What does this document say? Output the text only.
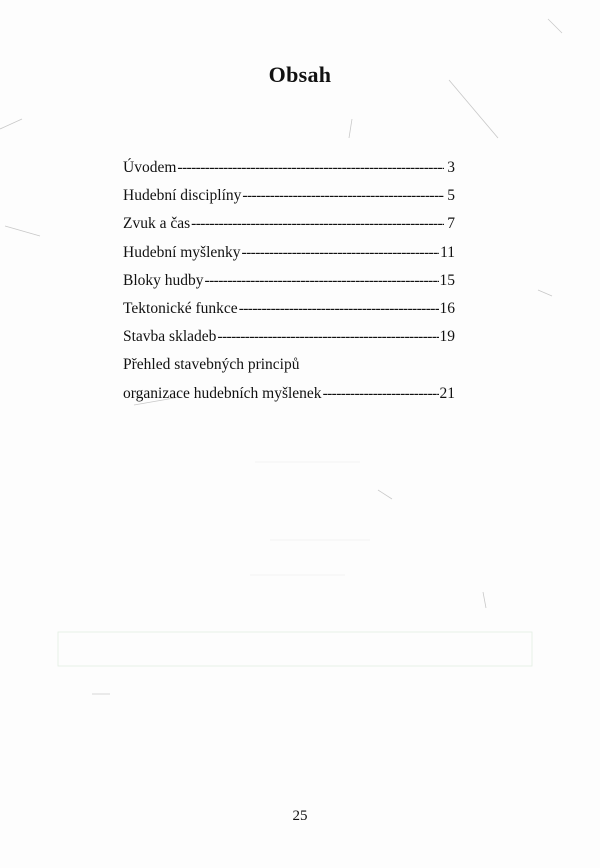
Obsah
Úvodem -----	3
Hudební disciplíny -----	5
Zvuk a čas -----	7
Hudební myšlenky -----	11
Bloky hudby -----	15
Tektonické funkce -----	16
Stavba skladeb -----	19
Přehled stavebných principů
organizace hudebních myšlenek -----	21
25
